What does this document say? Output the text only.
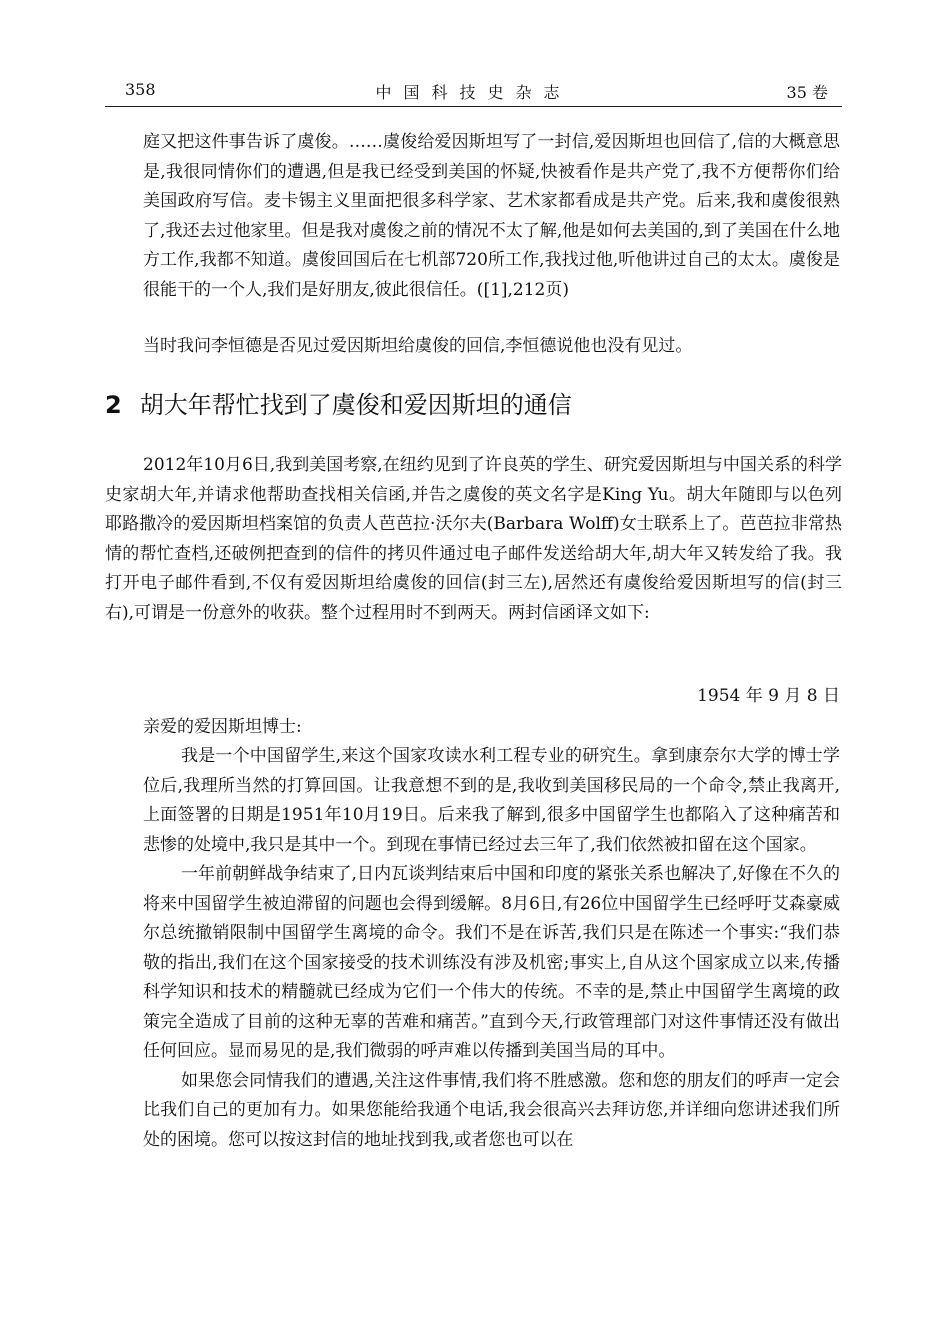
358	中国科技史杂志	35 卷

庭又把这件事告诉了虞俊。……虞俊给爱因斯坦写了一封信,爱因斯坦也回信了,信的大概意思是,我很同情你们的遭遇,但是我已经受到美国的怀疑,快被看作是共产党了,我不方便帮你们给美国政府写信。麦卡锡主义里面把很多科学家、艺术家都看成是共产党。后来,我和虞俊很熟了,我还去过他家里。但是我对虞俊之前的情况不太了解,他是如何去美国的,到了美国在什么地方工作,我都不知道。虞俊回国后在七机部720所工作,我找过他,听他讲过自己的太太。虞俊是很能干的一个人,我们是好朋友,彼此很信任。([1],212页)

当时我问李恒德是否见过爱因斯坦给虞俊的回信,李恒德说他也没有见过。

2 胡大年帮忙找到了虞俊和爱因斯坦的通信

2012年10月6日,我到美国考察,在纽约见到了许良英的学生、研究爱因斯坦与中国关系的科学史家胡大年,并请求他帮助查找相关信函,并告之虞俊的英文名字是King Yu。胡大年随即与以色列耶路撒冷的爱因斯坦档案馆的负责人芭芭拉·沃尔夫(Barbara Wolff)女士联系上了。芭芭拉非常热情的帮忙查档,还破例把查到的信件的拷贝件通过电子邮件发送给胡大年,胡大年又转发给了我。我打开电子邮件看到,不仅有爱因斯坦给虞俊的回信(封三左),居然还有虞俊给爱因斯坦写的信(封三右),可谓是一份意外的收获。整个过程用时不到两天。两封信函译文如下:

1954 年 9 月 8 日
亲爱的爱因斯坦博士:

我是一个中国留学生,来这个国家攻读水利工程专业的研究生。拿到康奈尔大学的博士学位后,我理所当然的打算回国。让我意想不到的是,我收到美国移民局的一个命令,禁止我离开,上面签署的日期是1951年10月19日。后来我了解到,很多中国留学生也都陷入了这种痛苦和悲惨的处境中,我只是其中一个。到现在事情已经过去三年了,我们依然被扣留在这个国家。

一年前朝鲜战争结束了,日内瓦谈判结束后中国和印度的紧张关系也解决了,好像在不久的将来中国留学生被迫滞留的问题也会得到缓解。8月6日,有26位中国留学生已经呼吁艾森豪威尔总统撤销限制中国留学生离境的命令。我们不是在诉苦,我们只是在陈述一个事实:“我们恭敬的指出,我们在这个国家接受的技术训练没有涉及机密;事实上,自从这个国家成立以来,传播科学知识和技术的精髓就已经成为它们一个伟大的传统。不幸的是,禁止中国留学生离境的政策完全造成了目前的这种无辜的苦难和痛苦。”直到今天,行政管理部门对这件事情还没有做出任何回应。显而易见的是,我们微弱的呼声难以传播到美国当局的耳中。

如果您会同情我们的遭遇,关注这件事情,我们将不胜感激。您和您的朋友们的呼声一定会比我们自己的更加有力。如果您能给我通个电话,我会很高兴去拜访您,并详细向您讲述我们所处的困境。您可以按这封信的地址找到我,或者您也可以在
